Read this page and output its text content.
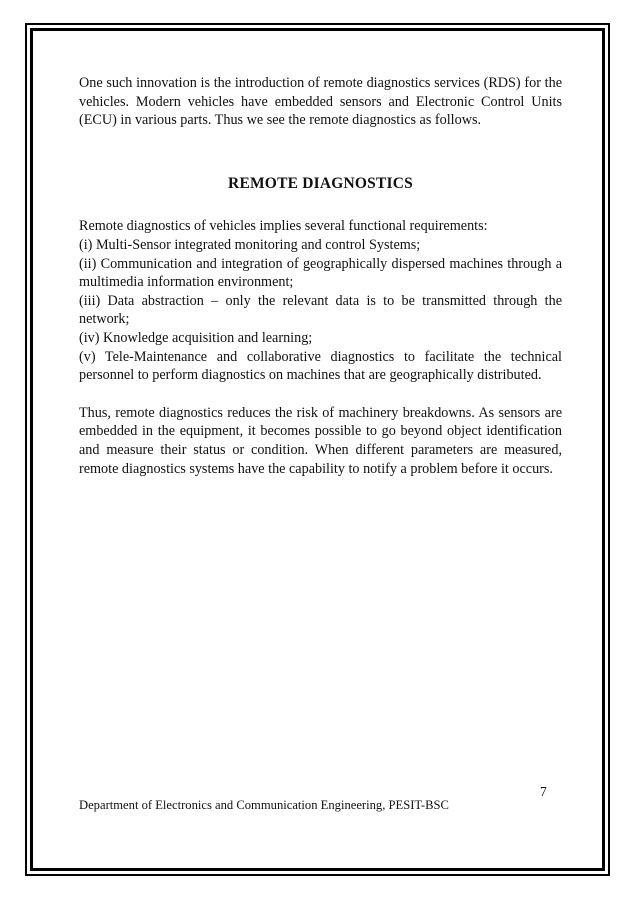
One such innovation is the introduction of remote diagnostics services (RDS) for the vehicles. Modern vehicles have embedded sensors and Electronic Control Units (ECU) in various parts. Thus we see the remote diagnostics as follows.

REMOTE DIAGNOSTICS

Remote diagnostics of vehicles implies several functional requirements:

(i) Multi-Sensor integrated monitoring and control Systems;
(ii) Communication and integration of geographically dispersed machines through a multimedia information environment;
(iii) Data abstraction – only the relevant data is to be transmitted through the network;
(iv) Knowledge acquisition and learning;
(v) Tele-Maintenance and collaborative diagnostics to facilitate the technical personnel to perform diagnostics on machines that are geographically distributed.

Thus, remote diagnostics reduces the risk of machinery breakdowns. As sensors are embedded in the equipment, it becomes possible to go beyond object identification and measure their status or condition. When different parameters are measured, remote diagnostics systems have the capability to notify a problem before it occurs.

7
Department of Electronics and Communication Engineering, PESIT-BSC
